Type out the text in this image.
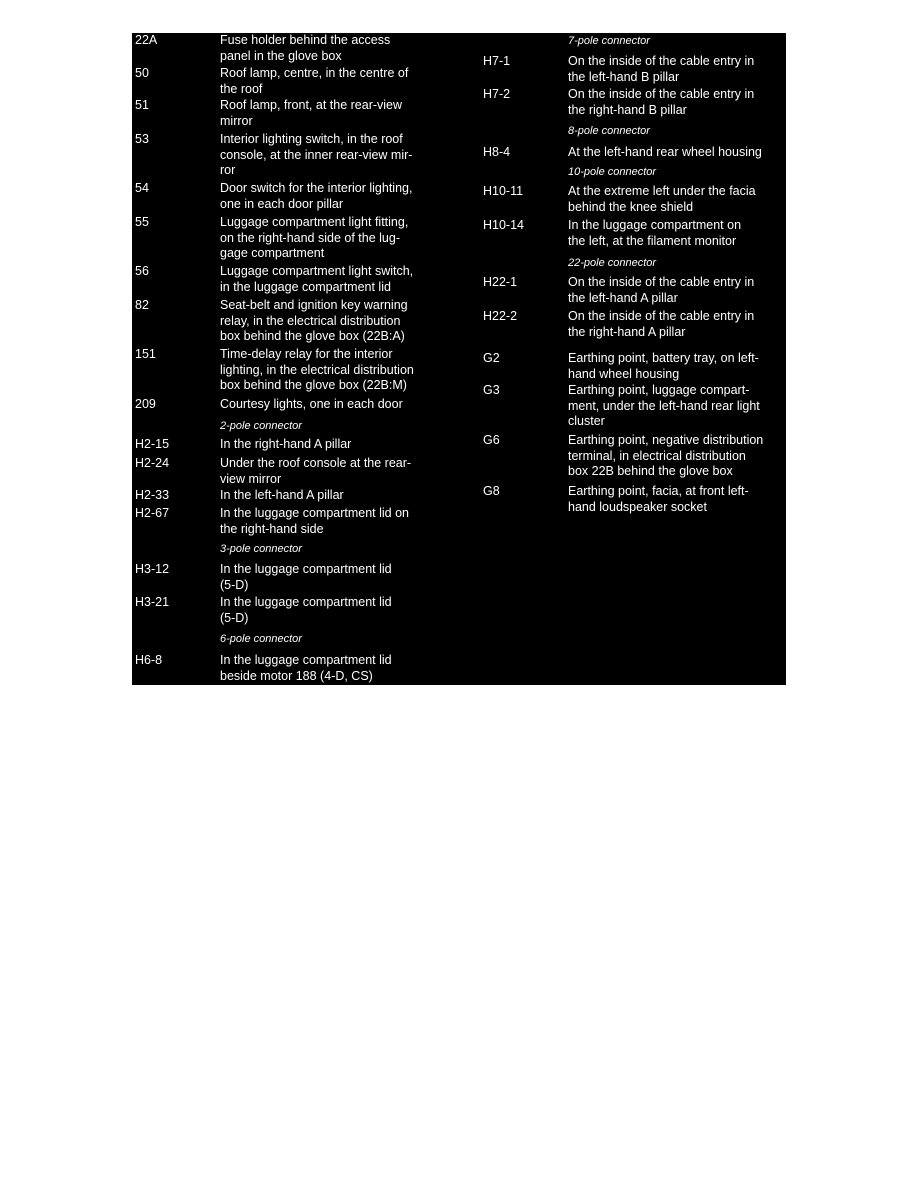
2-pole connector
3-pole connector
6-pole connector
22A	Fuse holder behind the access
panel in the glove box
50	Roof lamp, centre, in the centre of
the roof
51	Roof lamp, front, at the rear-view
mirror
53	Interior lighting switch, in the roof
console, at the inner rear-view mir-
ror
54	Door switch for the interior lighting,
one in each door pillar
55	Luggage compartment light fitting,
on the right-hand side of the lug-
gage compartment
56	Luggage compartment light switch,
in the luggage compartment lid
82	Seat-belt and ignition key warning
relay, in the electrical distribution
box behind the glove box (22B:A)
151	Time-delay relay for the interior
lighting, in the electrical distribution
box behind the glove box (22B:M)
209	Courtesy lights, one in each door
H2-15	In the right-hand A pillar
H2-24	Under the roof console at the rear-
view mirror
H2-33	In the left-hand A pillar
H2-67	In the luggage compartment lid on
the right-hand side
H3-12	In the luggage compartment lid
(5-D)
H3-21	In the luggage compartment lid
(5-D)
H6-8	In the luggage compartment lid
beside motor 188 (4-D, CS)
7-pole connector
8-pole connector
10-pole connector
22-pole connector
H7-1	On the inside of the cable entry in
the left-hand B pillar
H7-2	On the inside of the cable entry in
the right-hand B pillar
H8-4	At the left-hand rear wheel housing
H10-11	At the extreme left under the facia
behind the knee shield
H10-14	In the luggage compartment on
the left, at the filament monitor
H22-1	On the inside of the cable entry in
the left-hand A pillar
H22-2	On the inside of the cable entry in
the right-hand A pillar
G2	Earthing point, battery tray, on left-
hand wheel housing
G3	Earthing point, luggage compart-
ment, under the left-hand rear light
cluster
G6	Earthing point, negative distribution
terminal, in electrical distribution
box 22B behind the glove box
G8	Earthing point, facia, at front left-
hand loudspeaker socket
